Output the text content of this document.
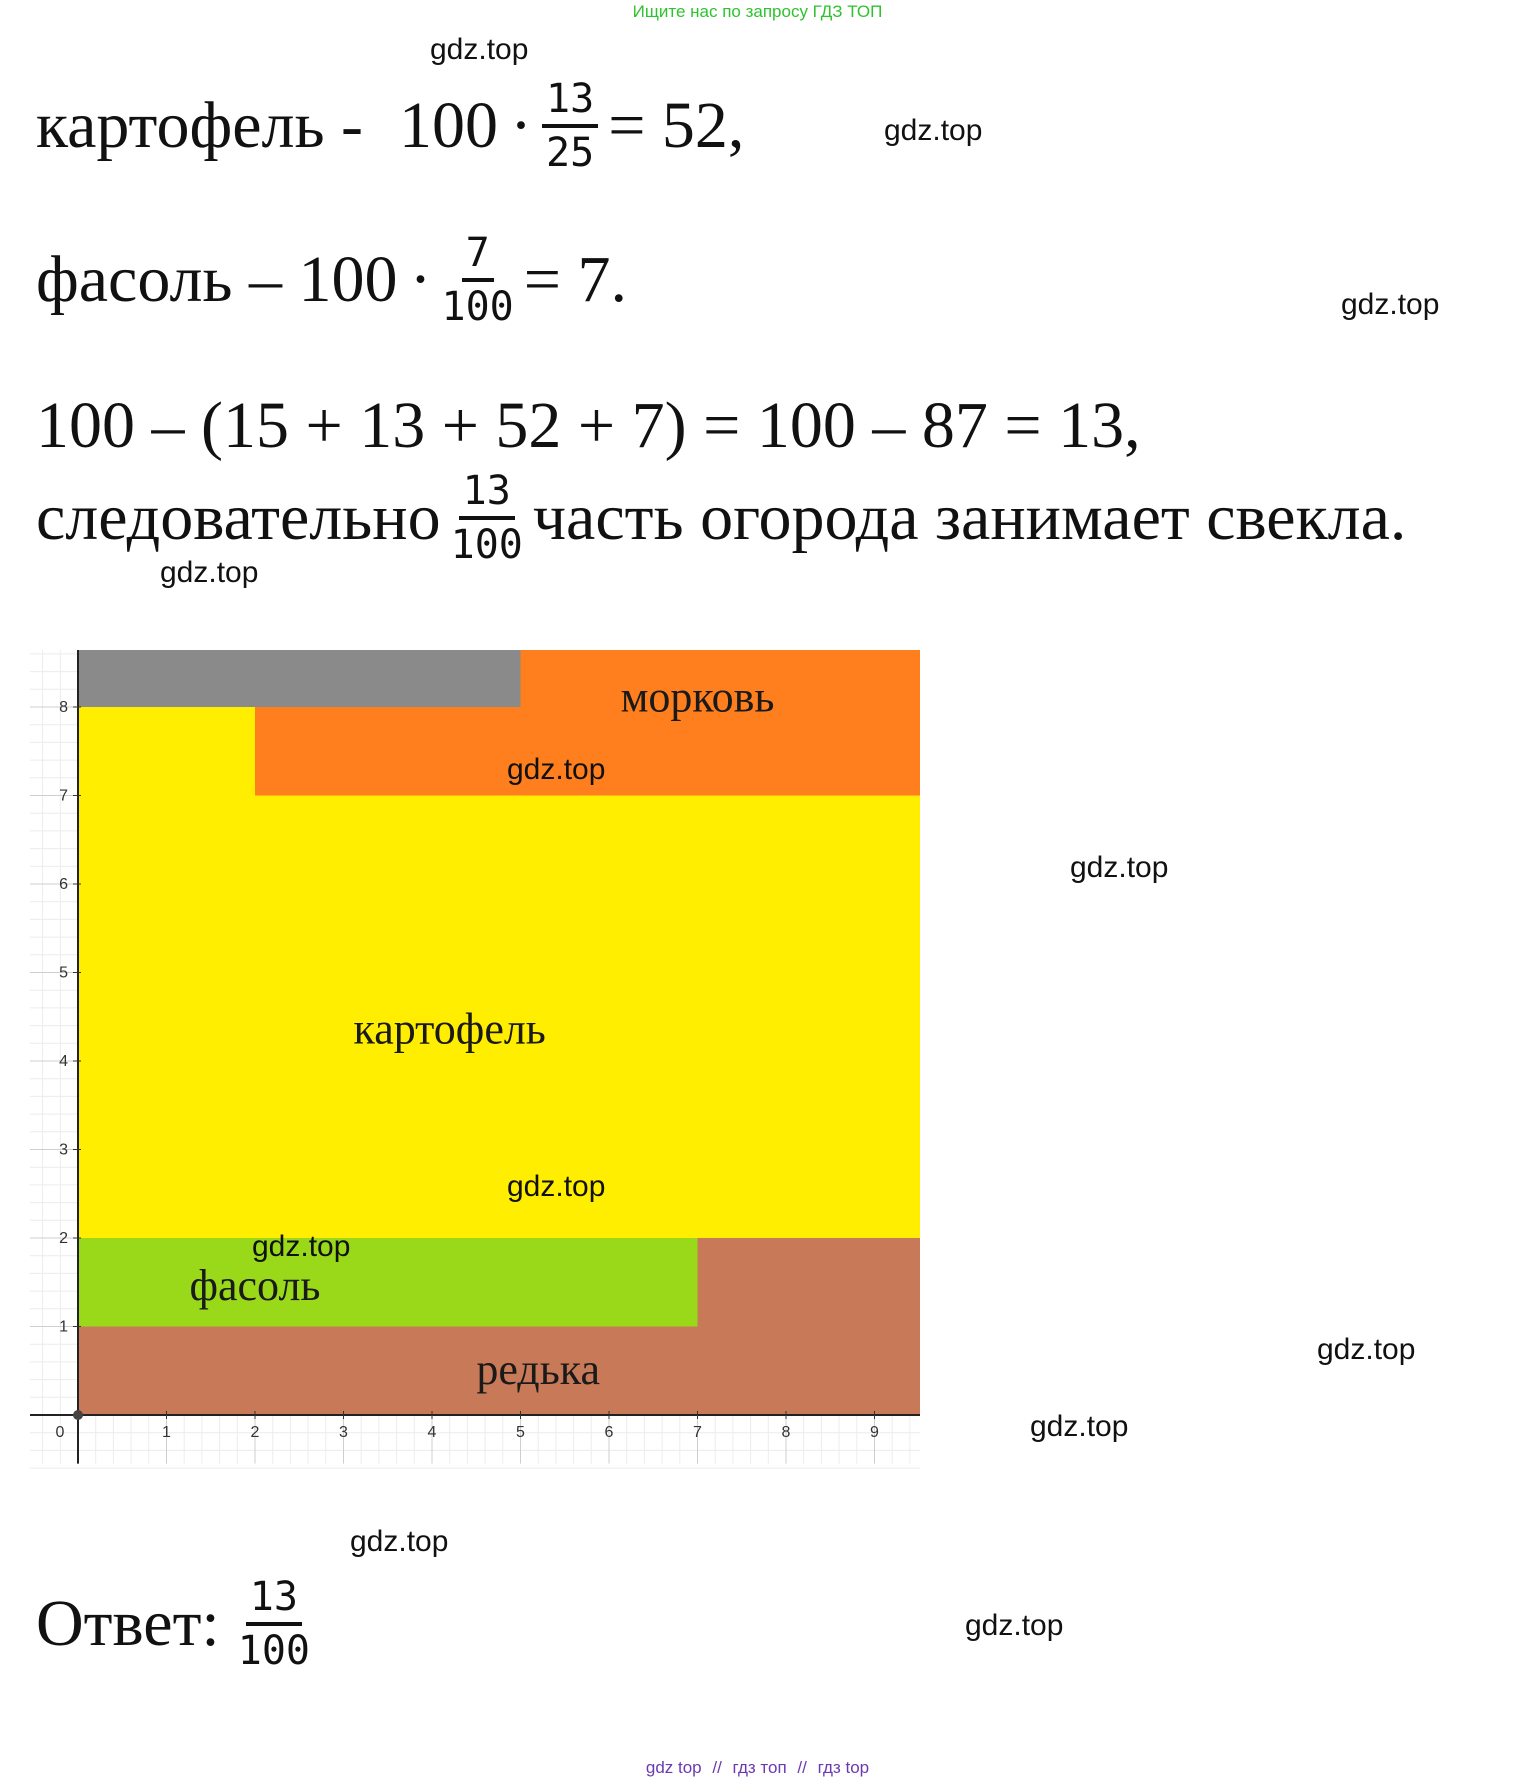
Ищите нас по запросу ГДЗ ТОП
картофель - $100 \cdot \frac{13}{25} = 52$,
фасоль – $100 \cdot \frac{7}{100} = 7$.
100 – (15 + 13 + 52 + 7) = 100 – 87 = 13,
следовательно $\frac{13}{100}$ часть огорода занимает свекла.
gdz.top
gdz.top
gdz.top
gdz.top
gdz.top
gdz.top
gdz.top
gdz.top
gdz.top
0	1	2	3	4	5	6	7	8	9
1
2
3
4
5
6
7
8	морковь
картофель
фасоль
редька
gdz.top
gdz.top
gdz.top
Ответ: $\frac{13}{100}$
gdz top // гдз топ // гдз top
